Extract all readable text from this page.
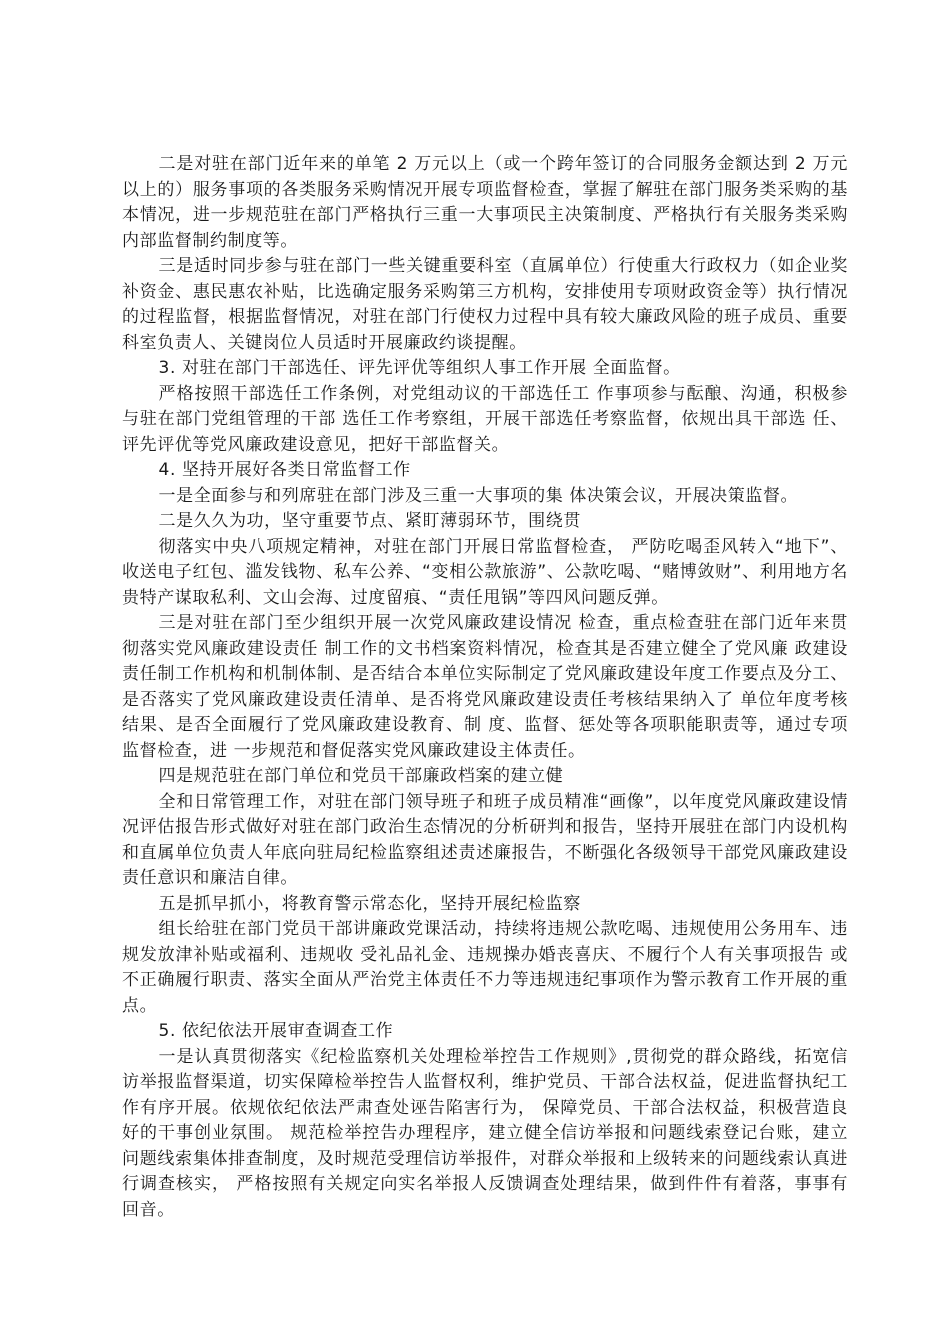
二是对驻在部门近年来的单笔 2 万元以上（或一个跨年签订的合同服务金额达到 2 万元以上的）服务事项的各类服务采购情况开展专项监督检查，掌握了解驻在部门服务类采购的基本情况，进一步规范驻在部门严格执行三重一大事项民主决策制度、严格执行有关服务类采购内部监督制约制度等。

三是适时同步参与驻在部门一些关键重要科室（直属单位）行使重大行政权力（如企业奖补资金、惠民惠农补贴，比选确定服务采购第三方机构，安排使用专项财政资金等）执行情况的过程监督，根据监督情况，对驻在部门行使权力过程中具有较大廉政风险的班子成员、重要科室负责人、关键岗位人员适时开展廉政约谈提醒。

3. 对驻在部门干部选任、评先评优等组织人事工作开展 全面监督。

严格按照干部选任工作条例，对党组动议的干部选任工 作事项参与酝酿、沟通，积极参与驻在部门党组管理的干部 选任工作考察组，开展干部选任考察监督，依规出具干部选 任、评先评优等党风廉政建设意见，把好干部监督关。

4. 坚持开展好各类日常监督工作

一是全面参与和列席驻在部门涉及三重一大事项的集 体决策会议，开展决策监督。

二是久久为功，坚守重要节点、紧盯薄弱环节，围绕贯

彻落实中央八项规定精神，对驻在部门开展日常监督检查， 严防吃喝歪风转入“地下”、收送电子红包、滥发钱物、私车公养、“变相公款旅游”、公款吃喝、“赌博敛财”、利用地方名贵特产谋取私利、文山会海、过度留痕、“责任甩锅”等四风问题反弹。

三是对驻在部门至少组织开展一次党风廉政建设情况 检查，重点检查驻在部门近年来贯彻落实党风廉政建设责任 制工作的文书档案资料情况，检查其是否建立健全了党风廉 政建设责任制工作机构和机制体制、是否结合本单位实际制定了党风廉政建设年度工作要点及分工、是否落实了党风廉政建设责任清单、是否将党风廉政建设责任考核结果纳入了 单位年度考核结果、是否全面履行了党风廉政建设教育、制 度、监督、惩处等各项职能职责等，通过专项监督检查，进 一步规范和督促落实党风廉政建设主体责任。

四是规范驻在部门单位和党员干部廉政档案的建立健

全和日常管理工作，对驻在部门领导班子和班子成员精准“画像”，以年度党风廉政建设情况评估报告形式做好对驻在部门政治生态情况的分析研判和报告，坚持开展驻在部门内设机构和直属单位负责人年底向驻局纪检监察组述责述廉报告，不断强化各级领导干部党风廉政建设责任意识和廉洁自律。

五是抓早抓小，将教育警示常态化，坚持开展纪检监察

组长给驻在部门党员干部讲廉政党课活动，持续将违规公款吃喝、违规使用公务用车、违规发放津补贴或福利、违规收 受礼品礼金、违规操办婚丧喜庆、不履行个人有关事项报告 或不正确履行职责、落实全面从严治党主体责任不力等违规违纪事项作为警示教育工作开展的重点。

5. 依纪依法开展审查调查工作

一是认真贯彻落实《纪检监察机关处理检举控告工作规则》,贯彻党的群众路线，拓宽信访举报监督渠道，切实保障检举控告人监督权利，维护党员、干部合法权益，促进监督执纪工作有序开展。依规依纪依法严肃查处诬告陷害行为， 保障党员、干部合法权益，积极营造良好的干事创业氛围。 规范检举控告办理程序，建立健全信访举报和问题线索登记台账，建立问题线索集体排查制度，及时规范受理信访举报件，对群众举报和上级转来的问题线索认真进行调查核实， 严格按照有关规定向实名举报人反馈调查处理结果，做到件件有着落，事事有回音。
